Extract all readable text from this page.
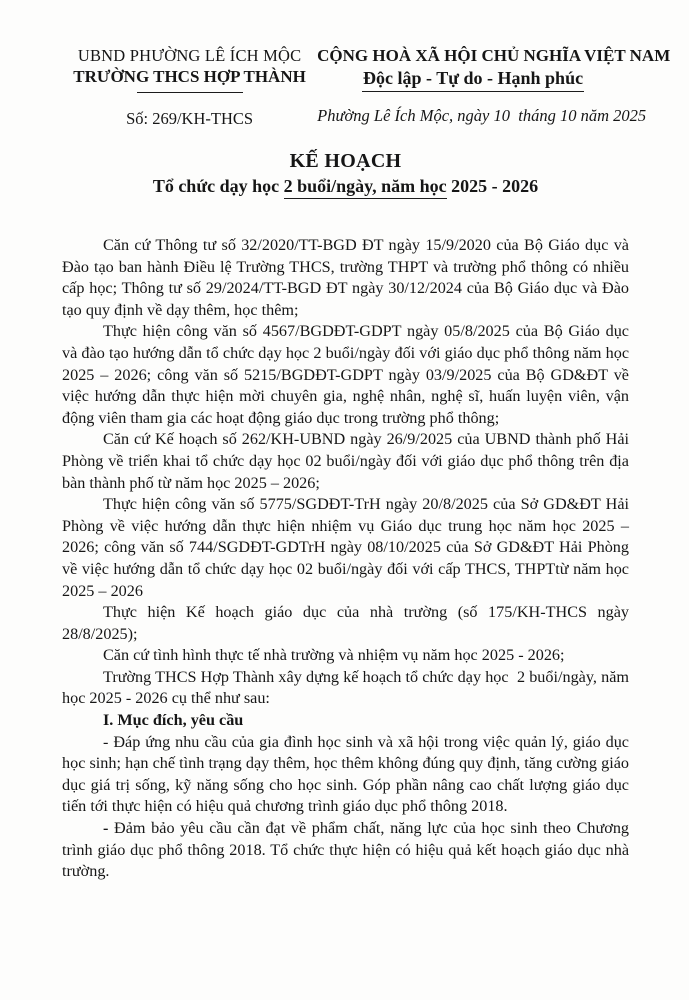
UBND PHƯỜNG LÊ ÍCH MỘC
TRƯỜNG THCS HỢP THÀNH
Số: 269/KH-THCS
CỘNG HOÀ XÃ HỘI CHỦ NGHĨA VIỆT NAM
Độc lập - Tự do - Hạnh phúc
Phường Lê Ích Mộc, ngày 10  tháng 10 năm 2025
KẾ HOẠCH
Tổ chức dạy học 2 buổi/ngày, năm học 2025 - 2026

Căn cứ Thông tư số 32/2020/TT-BGD ĐT ngày 15/9/2020 của Bộ Giáo dục và Đào tạo ban hành Điều lệ Trường THCS, trường THPT và trường phổ thông có nhiều cấp học; Thông tư số 29/2024/TT-BGD ĐT ngày 30/12/2024 của Bộ Giáo dục và Đào tạo quy định về dạy thêm, học thêm;

Thực hiện công văn số 4567/BGDĐT-GDPT ngày 05/8/2025 của Bộ Giáo dục và đào tạo hướng dẫn tổ chức dạy học 2 buổi/ngày đối với giáo dục phổ thông năm học 2025 – 2026; công văn số 5215/BGDĐT-GDPT ngày 03/9/2025 của Bộ GD&ĐT về việc hướng dẫn thực hiện mời chuyên gia, nghệ nhân, nghệ sĩ, huấn luyện viên, vận động viên tham gia các hoạt động giáo dục trong trường phổ thông;

Căn cứ Kế hoạch số 262/KH-UBND ngày 26/9/2025 của UBND thành phố Hải Phòng về triển khai tổ chức dạy học 02 buổi/ngày đối với giáo dục phổ thông trên địa bàn thành phố từ năm học 2025 – 2026;

Thực hiện công văn số 5775/SGDĐT-TrH ngày 20/8/2025 của Sở GD&ĐT Hải Phòng về việc hướng dẫn thực hiện nhiệm vụ Giáo dục trung học năm học 2025 – 2026; công văn số 744/SGDĐT-GDTrH ngày 08/10/2025 của Sở GD&ĐT Hải Phòng về việc hướng dẫn tổ chức dạy học 02 buổi/ngày đối với cấp THCS, THPTtừ năm học 2025 – 2026

Thực hiện Kế hoạch giáo dục của nhà trường (số 175/KH-THCS ngày 28/8/2025);

Căn cứ tình hình thực tế nhà trường và nhiệm vụ năm học 2025 - 2026;

Trường THCS Hợp Thành xây dựng kế hoạch tổ chức dạy học  2 buổi/ngày, năm học 2025 - 2026 cụ thể như sau:

I. Mục đích, yêu cầu

- Đáp ứng nhu cầu của gia đình học sinh và xã hội trong việc quản lý, giáo dục học sinh; hạn chế tình trạng dạy thêm, học thêm không đúng quy định, tăng cường giáo dục giá trị sống, kỹ năng sống cho học sinh. Góp phần nâng cao chất lượng giáo dục tiến tới thực hiện có hiệu quả chương trình giáo dục phổ thông 2018.

- Đảm bảo yêu cầu cần đạt về phẩm chất, năng lực của học sinh theo Chương trình giáo dục phổ thông 2018. Tổ chức thực hiện có hiệu quả kết hoạch giáo dục nhà trường.
